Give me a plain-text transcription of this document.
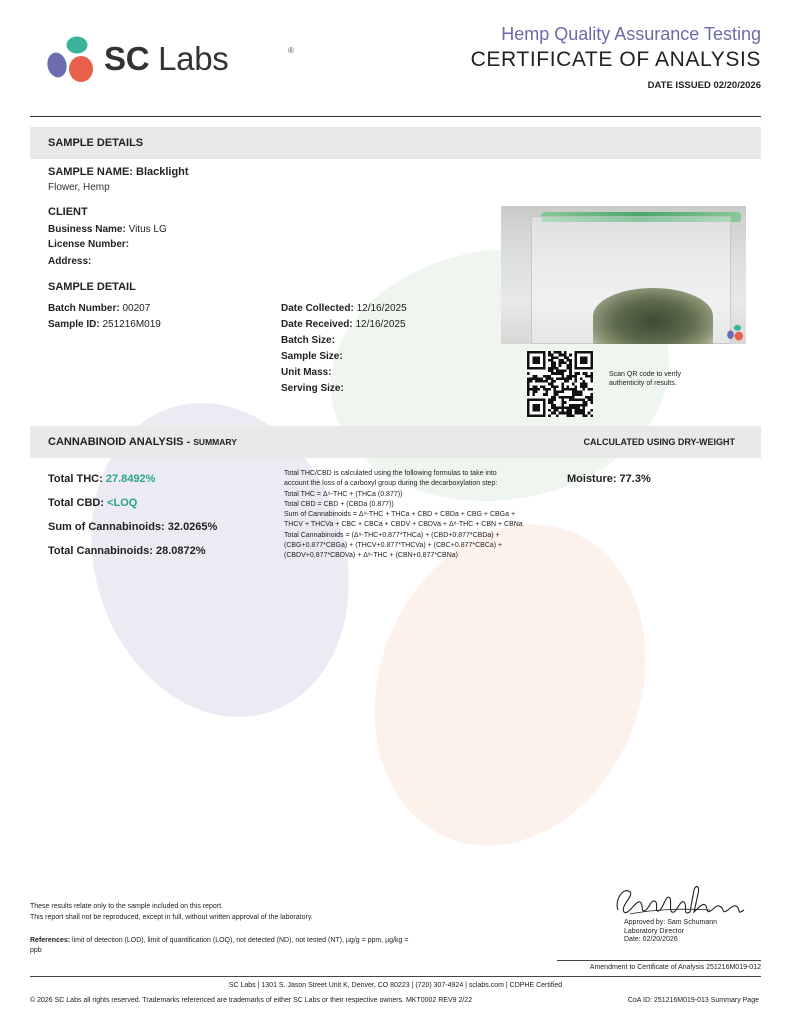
SC Labs	®
Hemp Quality Assurance Testing
CERTIFICATE OF ANALYSIS
DATE ISSUED 02/20/2026
SAMPLE DETAILS
SAMPLE NAME: Blacklight
Flower, Hemp
CLIENT
Business Name: Vitus LG
License Number:
Address:
SAMPLE DETAIL
Batch Number: 00207
Sample ID: 251216M019
Date Collected: 12/16/2025
Date Received: 12/16/2025
Batch Size:
Sample Size:
Unit Mass:
Serving Size:
Scan QR code to verify authenticity of results.
CANNABINOID ANALYSIS - SUMMARY	CALCULATED USING DRY-WEIGHT
Total THC: 27.8492%
Total CBD: <LOQ
Sum of Cannabinoids: 32.0265%
Total Cannabinoids: 28.0872%
Total THC/CBD is calculated using the following formulas to take into
account the loss of a carboxyl group during the decarboxylation step:
Total THC = Δ⁹-THC + (THCa (0.877))
Total CBD = CBD + (CBDa (0.877))
Sum of Cannabinoids = Δ⁹-THC + THCa + CBD + CBDa + CBG + CBGa +
THCV + THCVa + CBC + CBCa + CBDV + CBDVa + Δ⁸-THC + CBN + CBNa
Total Cannabinoids = (Δ⁹-THC+0.877*THCa) + (CBD+0.877*CBDa) +
(CBG+0.877*CBGa) + (THCV+0.877*THCVa) + (CBC+0.877*CBCa) +
(CBDV+0.877*CBDVa) + Δ⁸-THC + (CBN+0.877*CBNa)
Moisture: 77.3%
These results relate only to the sample included on this report.
This report shall not be reproduced, except in full, without written approval of the laboratory.
References: limit of detection (LOD), limit of quantification (LOQ), not detected (ND), not tested (NT), µg/g = ppm, µg/kg = ppb
Approved by: Sam Schumann
Laboratory Director
Date: 02/20/2026
Amendment to Certificate of Analysis 251216M019-012
SC Labs | 1301 S. Jason Street Unit K, Denver, CO 80223 | (720) 307-4924 | sclabs.com | CDPHE Certified
© 2026 SC Labs all rights reserved. Trademarks referenced are trademarks of either SC Labs or their respective owners. MKT0002 REV9 2/22	CoA ID: 251216M019-013 Summary Page
